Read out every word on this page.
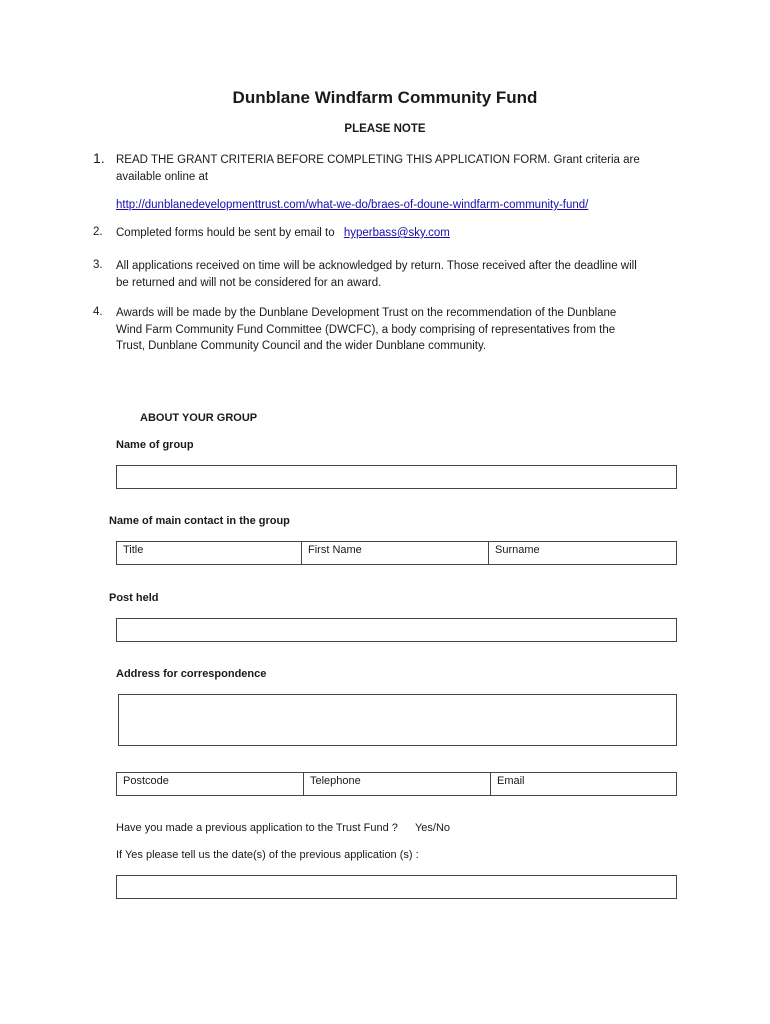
Dunblane Windfarm Community Fund
PLEASE NOTE
1. READ THE GRANT CRITERIA BEFORE COMPLETING THIS APPLICATION FORM. Grant criteria are available online at
http://dunblanedevelopmenttrust.com/what-we-do/braes-of-doune-windfarm-community-fund/
2. Completed forms hould be sent by email to hyperbass@sky.com
3. All applications received on time will be acknowledged by return. Those received after the deadline will be returned and will not be considered for an award.
4. Awards will be made by the Dunblane Development Trust on the recommendation of the Dunblane Wind Farm Community Fund Committee (DWCFC), a body comprising of representatives from the Trust, Dunblane Community Council and the wider Dunblane community.
ABOUT YOUR GROUP
Name of group
Name of main contact in the group
Title	First Name	Surname
Post held
Address for correspondence
Postcode	Telephone	Email
Have you made a previous application to the Trust Fund ? Yes/No
If Yes please tell us the date(s) of the previous application (s) :
